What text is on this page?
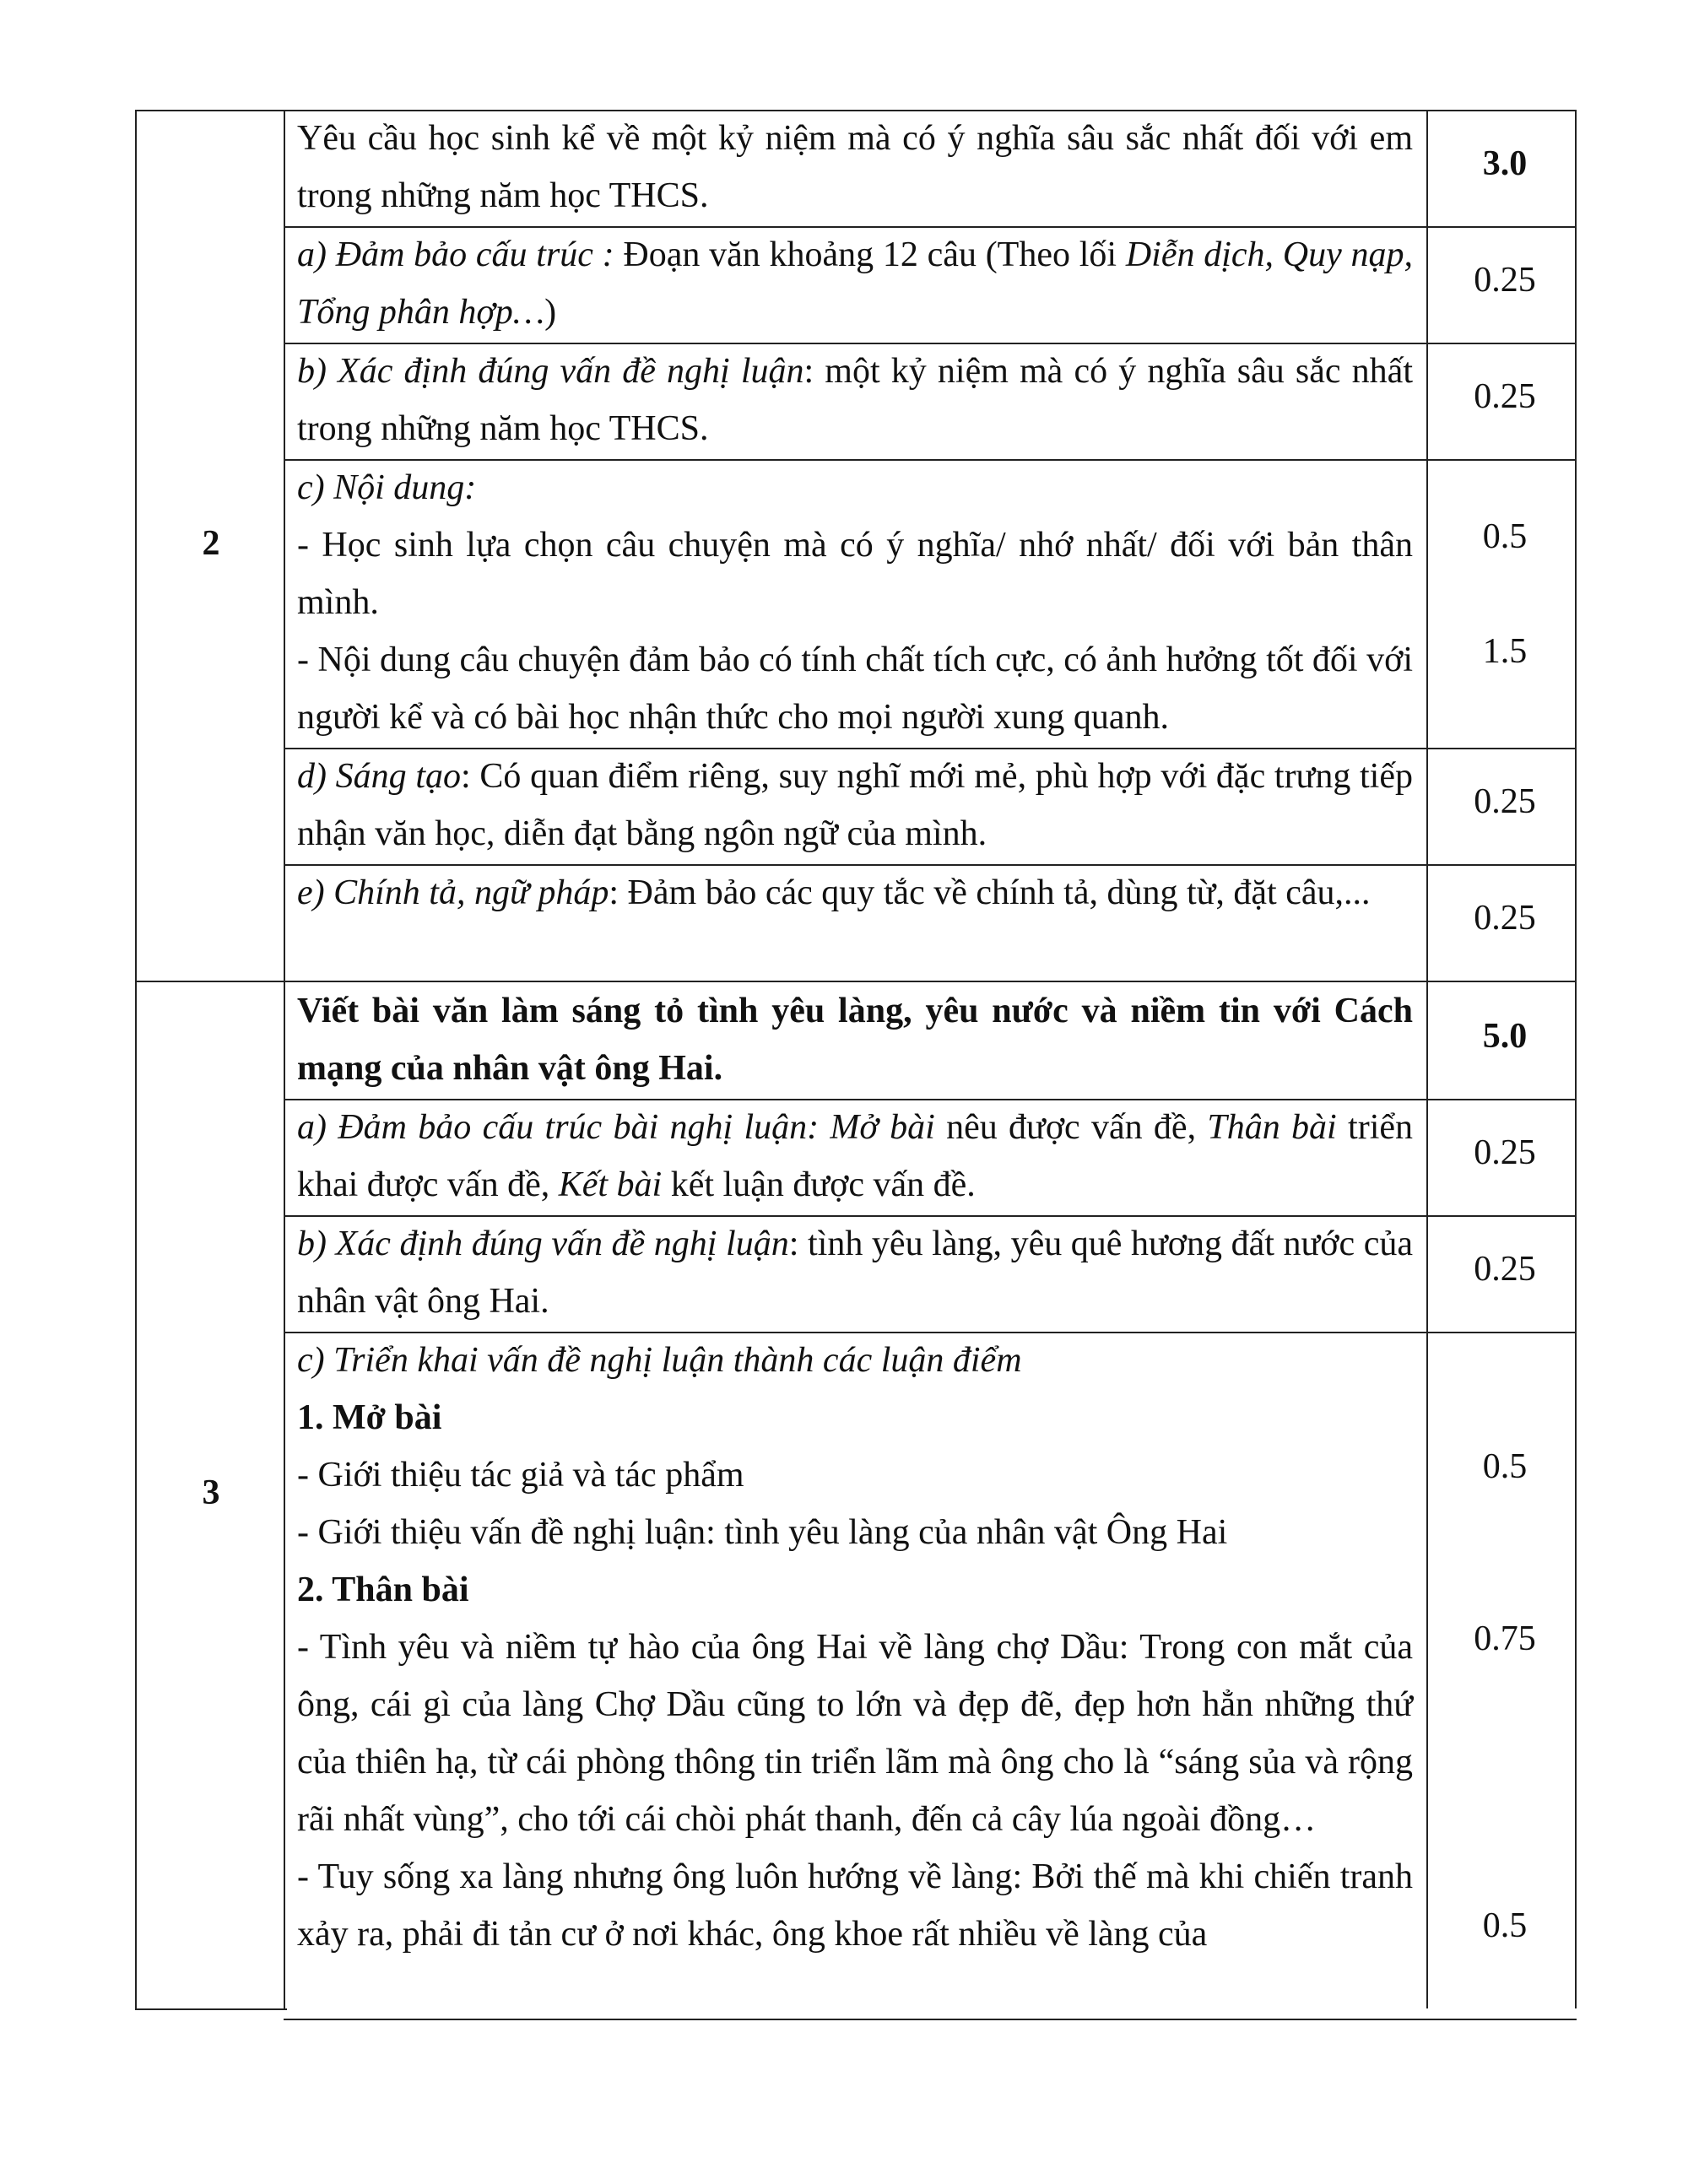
2

Yêu cầu học sinh kể về một kỷ niệm mà có ý nghĩa sâu sắc nhất đối với em trong những năm học THCS.

3.0

a) Đảm bảo cấu trúc : Đoạn văn khoảng 12 câu (Theo lối Diễn dịch, Quy nạp, Tổng phân hợp…)

0.25

b) Xác định đúng vấn đề nghị luận: một kỷ niệm mà có ý nghĩa sâu sắc nhất trong những năm học THCS.

0.25

c) Nội dung:

- Học sinh lựa chọn câu chuyện mà có ý nghĩa/ nhớ nhất/ đối với bản thân mình.

- Nội dung câu chuyện đảm bảo có tính chất tích cực, có ảnh hưởng tốt đối với người kể và có bài học nhận thức cho mọi người xung quanh.

0.5
1.5

d) Sáng tạo: Có quan điểm riêng, suy nghĩ mới mẻ, phù hợp với đặc trưng tiếp nhận văn học, diễn đạt bằng ngôn ngữ của mình.

0.25

e) Chính tả, ngữ pháp: Đảm bảo các quy tắc về chính tả, dùng từ, đặt câu,...

0.25
3

Viết bài văn làm sáng tỏ tình yêu làng, yêu nước và niềm tin với Cách mạng của nhân vật ông Hai.

5.0

a) Đảm bảo cấu trúc bài nghị luận: Mở bài nêu được vấn đề, Thân bài triển khai được vấn đề, Kết bài kết luận được vấn đề.

0.25

b) Xác định đúng vấn đề nghị luận: tình yêu làng, yêu quê hương đất nước của nhân vật ông Hai.

0.25

c) Triển khai vấn đề nghị luận thành các luận điểm

1. Mở bài

- Giới thiệu tác giả và tác phẩm

- Giới thiệu vấn đề nghị luận: tình yêu làng của nhân vật Ông Hai

2. Thân bài

- Tình yêu và niềm tự hào của ông Hai về làng chợ Dầu: Trong con mắt của ông, cái gì của làng Chợ Dầu cũng to lớn và đẹp đẽ, đẹp hơn hẳn những thứ của thiên hạ, từ cái phòng thông tin triển lãm mà ông cho là “sáng sủa và rộng rãi nhất vùng”, cho tới cái chòi phát thanh, đến cả cây lúa ngoài đồng…

- Tuy sống xa làng nhưng ông luôn hướng về làng: Bởi thế mà khi chiến tranh xảy ra, phải đi tản cư ở nơi khác, ông khoe rất nhiều về làng của

0.5
0.75
0.5
